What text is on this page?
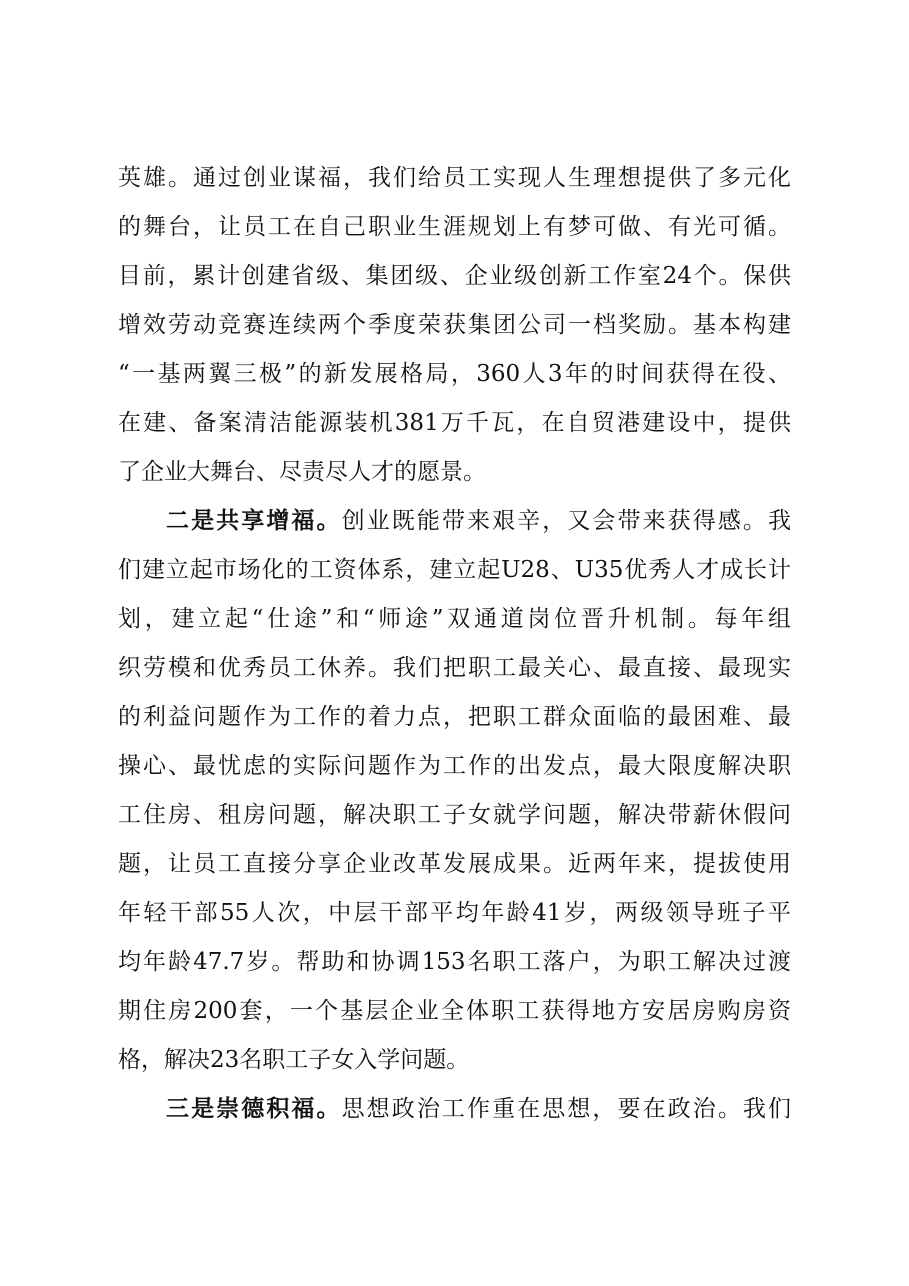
英雄。通过创业谋福，我们给员工实现人生理想提供了多元化
的舞台，让员工在自己职业生涯规划上有梦可做、有光可循。
目前，累计创建省级、集团级、企业级创新工作室24个。保供
增效劳动竞赛连续两个季度荣获集团公司一档奖励。基本构建
“一基两翼三极”的新发展格局，360人3年的时间获得在役、
在建、备案清洁能源装机381万千瓦，在自贸港建设中，提供
了企业大舞台、尽责尽人才的愿景。
二是共享增福。创业既能带来艰辛，又会带来获得感。我
们建立起市场化的工资体系，建立起U28、U35优秀人才成长计
划，建立起“仕途”和“师途”双通道岗位晋升机制。每年组
织劳模和优秀员工休养。我们把职工最关心、最直接、最现实
的利益问题作为工作的着力点，把职工群众面临的最困难、最
操心、最忧虑的实际问题作为工作的出发点，最大限度解决职
工住房、租房问题，解决职工子女就学问题，解决带薪休假问
题，让员工直接分享企业改革发展成果。近两年来，提拔使用
年轻干部55人次，中层干部平均年龄41岁，两级领导班子平
均年龄47.7岁。帮助和协调153名职工落户，为职工解决过渡
期住房200套，一个基层企业全体职工获得地方安居房购房资
格，解决23名职工子女入学问题。
三是崇德积福。思想政治工作重在思想，要在政治。我们
